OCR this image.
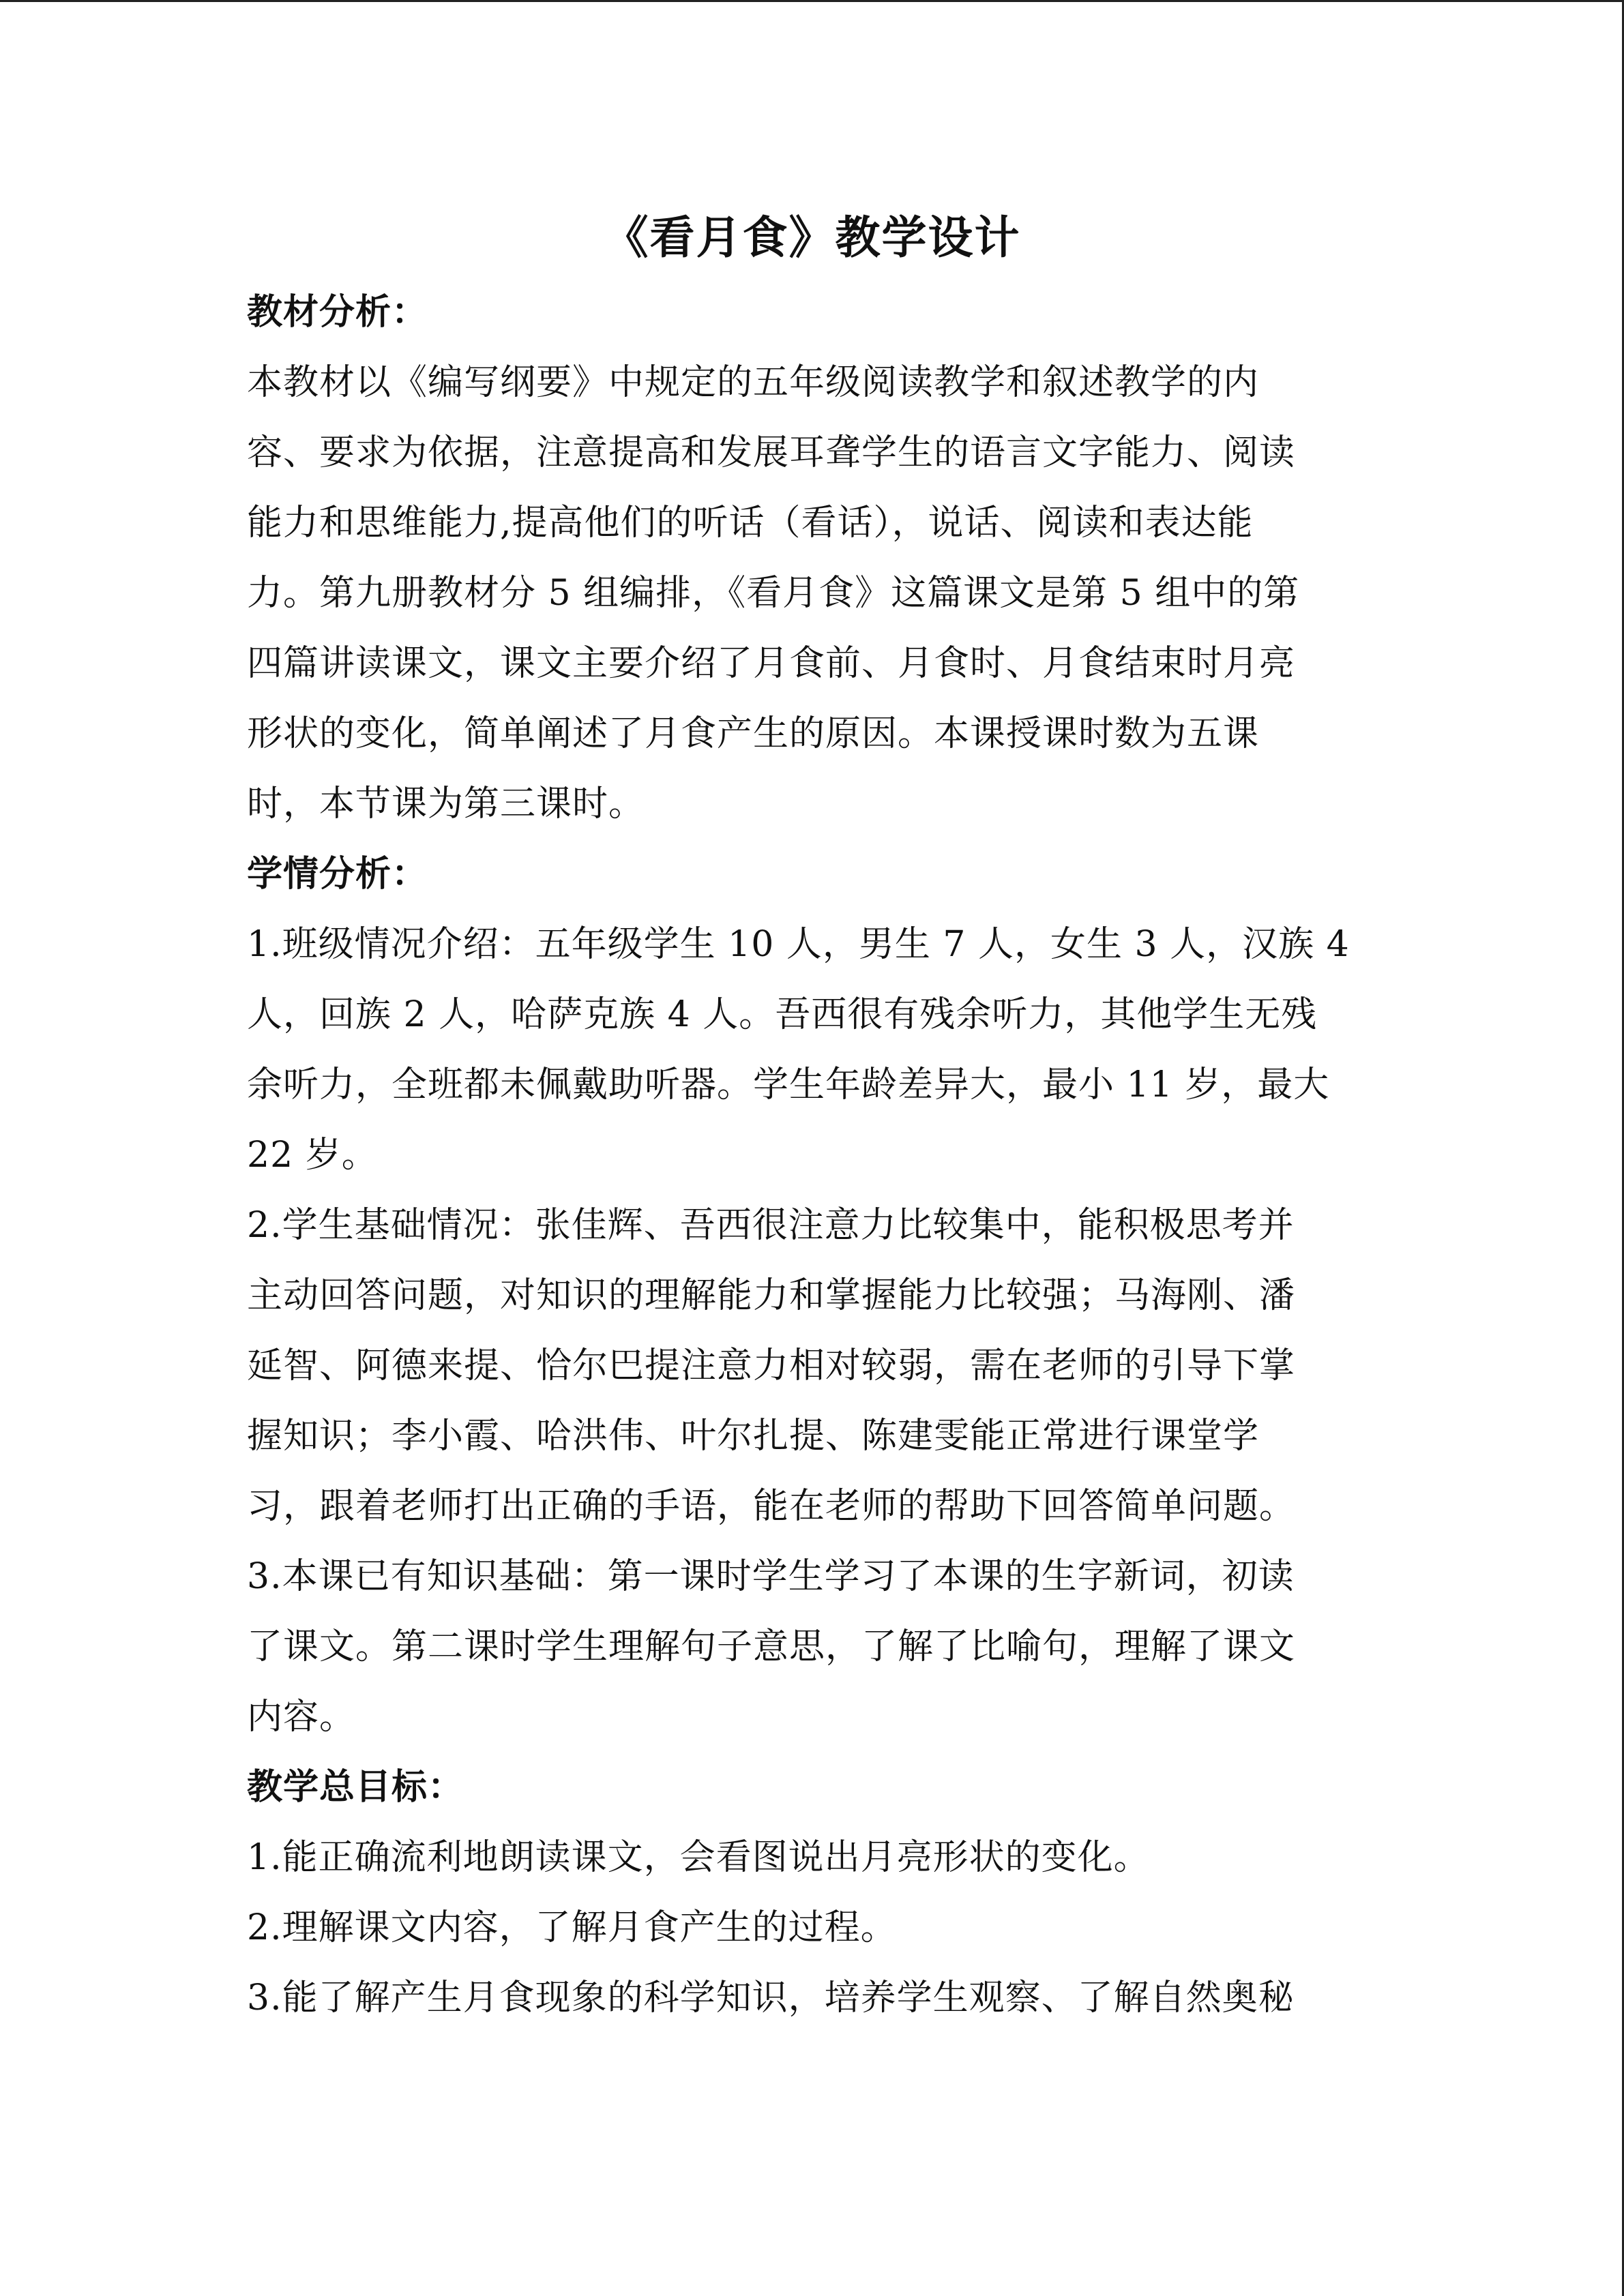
《看月食》教学设计
教材分析：
本教材以《编写纲要》中规定的五年级阅读教学和叙述教学的内
容、要求为依据，注意提高和发展耳聋学生的语言文字能力、阅读
能力和思维能力,提高他们的听话（看话），说话、阅读和表达能
力。第九册教材分 5 组编排，《看月食》这篇课文是第 5 组中的第
四篇讲读课文，课文主要介绍了月食前、月食时、月食结束时月亮
形状的变化，简单阐述了月食产生的原因。本课授课时数为五课
时，本节课为第三课时。
学情分析：
1.班级情况介绍：五年级学生 10 人，男生 7 人，女生 3 人，汉族 4
人，回族 2 人，哈萨克族 4 人。吾西很有残余听力，其他学生无残
余听力，全班都未佩戴助听器。学生年龄差异大，最小 11 岁，最大
22 岁。
2.学生基础情况：张佳辉、吾西很注意力比较集中，能积极思考并
主动回答问题，对知识的理解能力和掌握能力比较强；马海刚、潘
延智、阿德来提、恰尔巴提注意力相对较弱，需在老师的引导下掌
握知识；李小霞、哈洪伟、叶尔扎提、陈建雯能正常进行课堂学
习，跟着老师打出正确的手语，能在老师的帮助下回答简单问题。
3.本课已有知识基础：第一课时学生学习了本课的生字新词，初读
了课文。第二课时学生理解句子意思，了解了比喻句，理解了课文
内容。
教学总目标：
1.能正确流利地朗读课文，会看图说出月亮形状的变化。
2.理解课文内容，了解月食产生的过程。
3.能了解产生月食现象的科学知识，培养学生观察、了解自然奥秘
